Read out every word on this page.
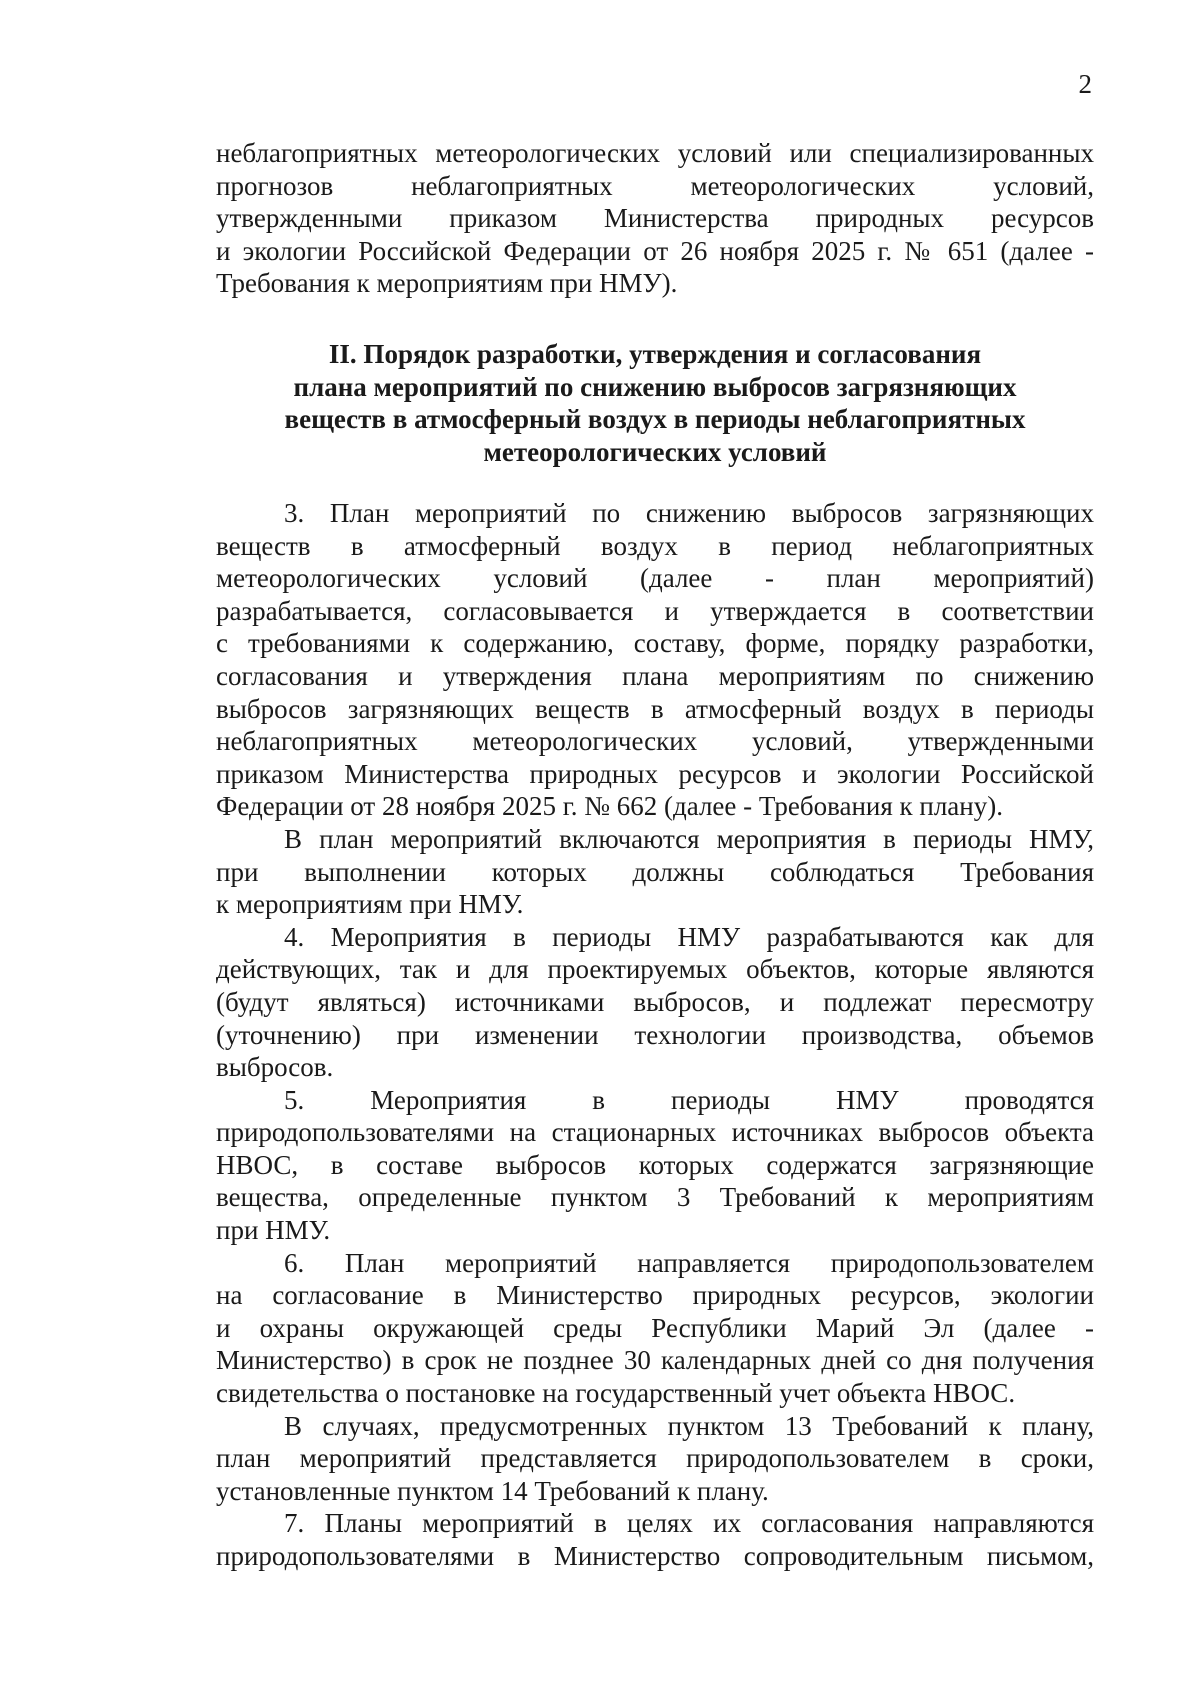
2
неблагоприятных метеорологических условий или специализированных
прогнозов неблагоприятных метеорологических условий,
утвержденными приказом Министерства природных ресурсов
и экологии Российской Федерации от 26 ноября 2025 г. № 651 (далее -
Требования к мероприятиям при НМУ).
II. Порядок разработки, утверждения и согласования
плана мероприятий по снижению выбросов загрязняющих
веществ в атмосферный воздух в периоды неблагоприятных
метеорологических условий
3. План мероприятий по снижению выбросов загрязняющих
веществ в атмосферный воздух в период неблагоприятных
метеорологических условий (далее - план мероприятий)
разрабатывается, согласовывается и утверждается в соответствии
с требованиями к содержанию, составу, форме, порядку разработки,
согласования и утверждения плана мероприятиям по снижению
выбросов загрязняющих веществ в атмосферный воздух в периоды
неблагоприятных метеорологических условий, утвержденными
приказом Министерства природных ресурсов и экологии Российской
Федерации от 28 ноября 2025 г. № 662 (далее - Требования к плану).
В план мероприятий включаются мероприятия в периоды НМУ,
при выполнении которых должны соблюдаться Требования
к мероприятиям при НМУ.
4. Мероприятия в периоды НМУ разрабатываются как для
действующих, так и для проектируемых объектов, которые являются
(будут являться) источниками выбросов, и подлежат пересмотру
(уточнению) при изменении технологии производства, объемов
выбросов.
5. Мероприятия в периоды НМУ проводятся
природопользователями на стационарных источниках выбросов объекта
НВОС, в составе выбросов которых содержатся загрязняющие
вещества, определенные пунктом 3 Требований к мероприятиям
при НМУ.
6. План мероприятий направляется природопользователем
на согласование в Министерство природных ресурсов, экологии
и охраны окружающей среды Республики Марий Эл (далее -
Министерство) в срок не позднее 30 календарных дней со дня получения
свидетельства о постановке на государственный учет объекта НВОС.
В случаях, предусмотренных пунктом 13 Требований к плану,
план мероприятий представляется природопользователем в сроки,
установленные пунктом 14 Требований к плану.
7. Планы мероприятий в целях их согласования направляются
природопользователями в Министерство сопроводительным письмом,
